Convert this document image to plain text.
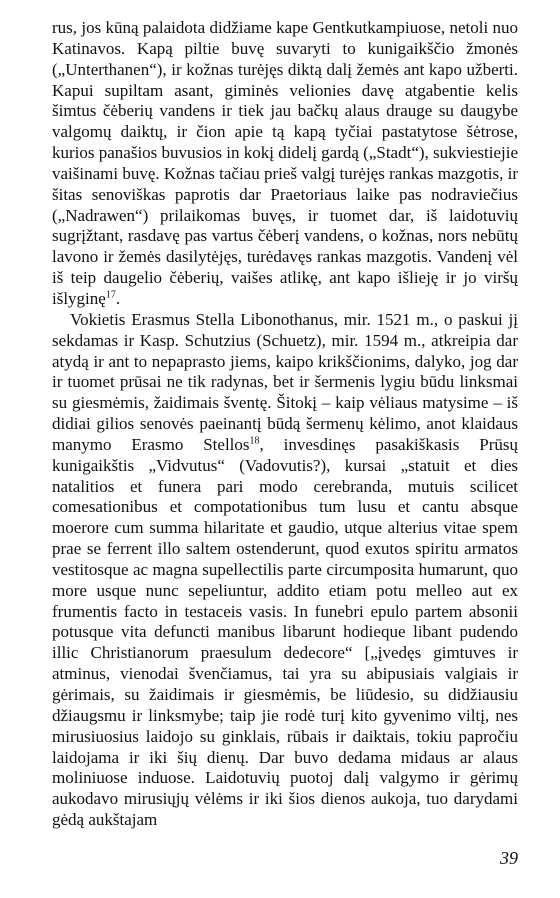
rus, jos kūną palaidota didžiame kape Gentkutkampiuose, netoli nuo Katinavos. Kapą piltie buvę suvaryti to kunigaikščio žmonės („Unterthanen“), ir kožnas turėjęs diktą dalį žemės ant kapo užberti. Kapui supiltam asant, giminės velionies davę atgabentie kelis šimtus čėberių vandens ir tiek jau bačkų alaus drauge su daugybe valgomų daiktų, ir čion apie tą kapą tyčiai pastatytose šėtrose, kurios panašios buvusios in kokį didelį gardą („Stadt“), sukviestiejie vaišinami buvę. Kožnas tačiau prieš valgį turėjęs rankas mazgotis, ir šitas senoviškas paprotis dar Praetoriaus laike pas nodraviečius („Nadrawen“) prilaikomas buvęs, ir tuomet dar, iš laidotuvių sugrįžtant, rasdavę pas vartus čėberį vandens, o kožnas, nors nebūtų lavono ir žemės dasilytėjęs, turėdavęs rankas mazgotis. Vandenį vėl iš teip daugelio čėberių, vaišes atlikę, ant kapo išlieję ir jo viršų išlyginę$^{17}$.

Vokietis Erasmus Stella Libonothanus, mir. 1521 m., o paskui jį sekdamas ir Kasp. Schutzius (Schuetz), mir. 1594 m., atkreipia dar atydą ir ant to nepaprasto jiems, kaipo krikščionims, dalyko, jog dar ir tuomet prūsai ne tik radynas, bet ir šermenis lygiu būdu linksmai su giesmėmis, žaidimais šventę. Šitokį – kaip vėliaus matysime – iš didiai gilios senovės paeinantį būdą šermenų kėlimo, anot klaidaus manymo Erasmo Stellos$^{18}$, invesdinęs pasakiškasis Prūsų kunigaikštis „Vidvutus“ (Vadovutis?), kursai „statuit et dies natalitios et funera pari modo cerebranda, mutuis scilicet comesationibus et compotationibus tum lusu et cantu absque moerore cum summa hilaritate et gaudio, utque alterius vitae spem prae se ferrent illo saltem ostenderunt, quod exutos spiritu armatos vestitosque ac magna supellectilis parte circumposita humarunt, quo more usque nunc sepeliuntur, addito etiam potu melleo aut ex frumentis facto in testaceis vasis. In funebri epulo partem absonii potusque vita defuncti manibus libarunt hodieque libant pudendo illic Christianorum praesulum dedecore“ [„įvedęs gimtuves ir atminus, vienodai švenčiamus, tai yra su abipusiais valgiais ir gėrimais, su žaidimais ir giesmėmis, be liūdesio, su didžiausiu džiaugsmu ir linksmybe; taip jie rodė turį kito gyvenimo viltį, nes mirusiuosius laidojo su ginklais, rūbais ir daiktais, tokiu papročiu laidojama ir iki šių dienų. Dar buvo dedama midaus ar alaus moliniuose induose. Laidotuvių puotoj dalį valgymo ir gėrimų aukodavo mirusiųjų vėlėms ir iki šios dienos aukoja, tuo darydami gėdą aukštajam

39
